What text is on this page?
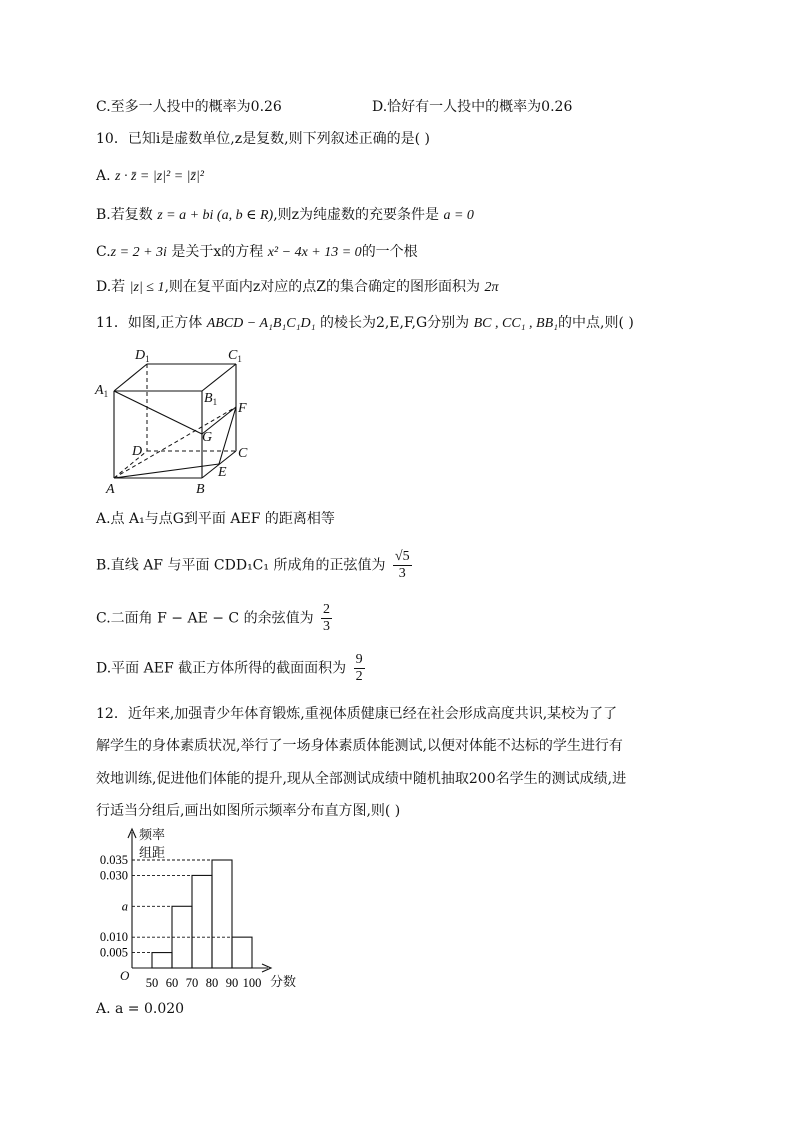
C.至多一人投中的概率为0.26	D.恰好有一人投中的概率为0.26
10．已知i是虚数单位,z是复数,则下列叙述正确的是( )
A. z · z̄ = |z|² = |z̄|²
B.若复数 z = a + bi (a, b ∈ R),则z为纯虚数的充要条件是 a = 0
C.z = 2 + 3i 是关于x的方程 x² − 4x + 13 = 0的一个根
D.若 |z| ≤ 1,则在复平面内z对应的点Z的集合确定的图形面积为 2π
11．如图,正方体 ABCD − A₁B₁C₁D₁ 的棱长为2,E,F,G分别为 BC , CC₁ , BB₁的中点,则( )
$D_1$	$C_1$
$A_1$	$B_1$ F
G
D	C
E
A	B
A.点 A₁与点G到平面 AEF 的距离相等
B.直线 AF 与平面 CDD₁C₁ 所成角的正弦值为 $\frac{√5}{3}$
C.二面角 F − AE − C 的余弦值为 $\frac{2}{3}$
D.平面 AEF 截正方体所得的截面面积为 $\frac{9}{2}$
12．近年来,加强青少年体育锻炼,重视体质健康已经在社会形成高度共识,某校为了了
解学生的身体素质状况,举行了一场身体素质体能测试,以便对体能不达标的学生进行有
效地训练,促进他们体能的提升,现从全部测试成绩中随机抽取200名学生的测试成绩,进
行适当分组后,画出如图所示频率分布直方图,则( )
频率
组距
分数
O
0.035
0.030
a
0.010
0.005
50 60 70 80 90 100
A. a = 0.020
